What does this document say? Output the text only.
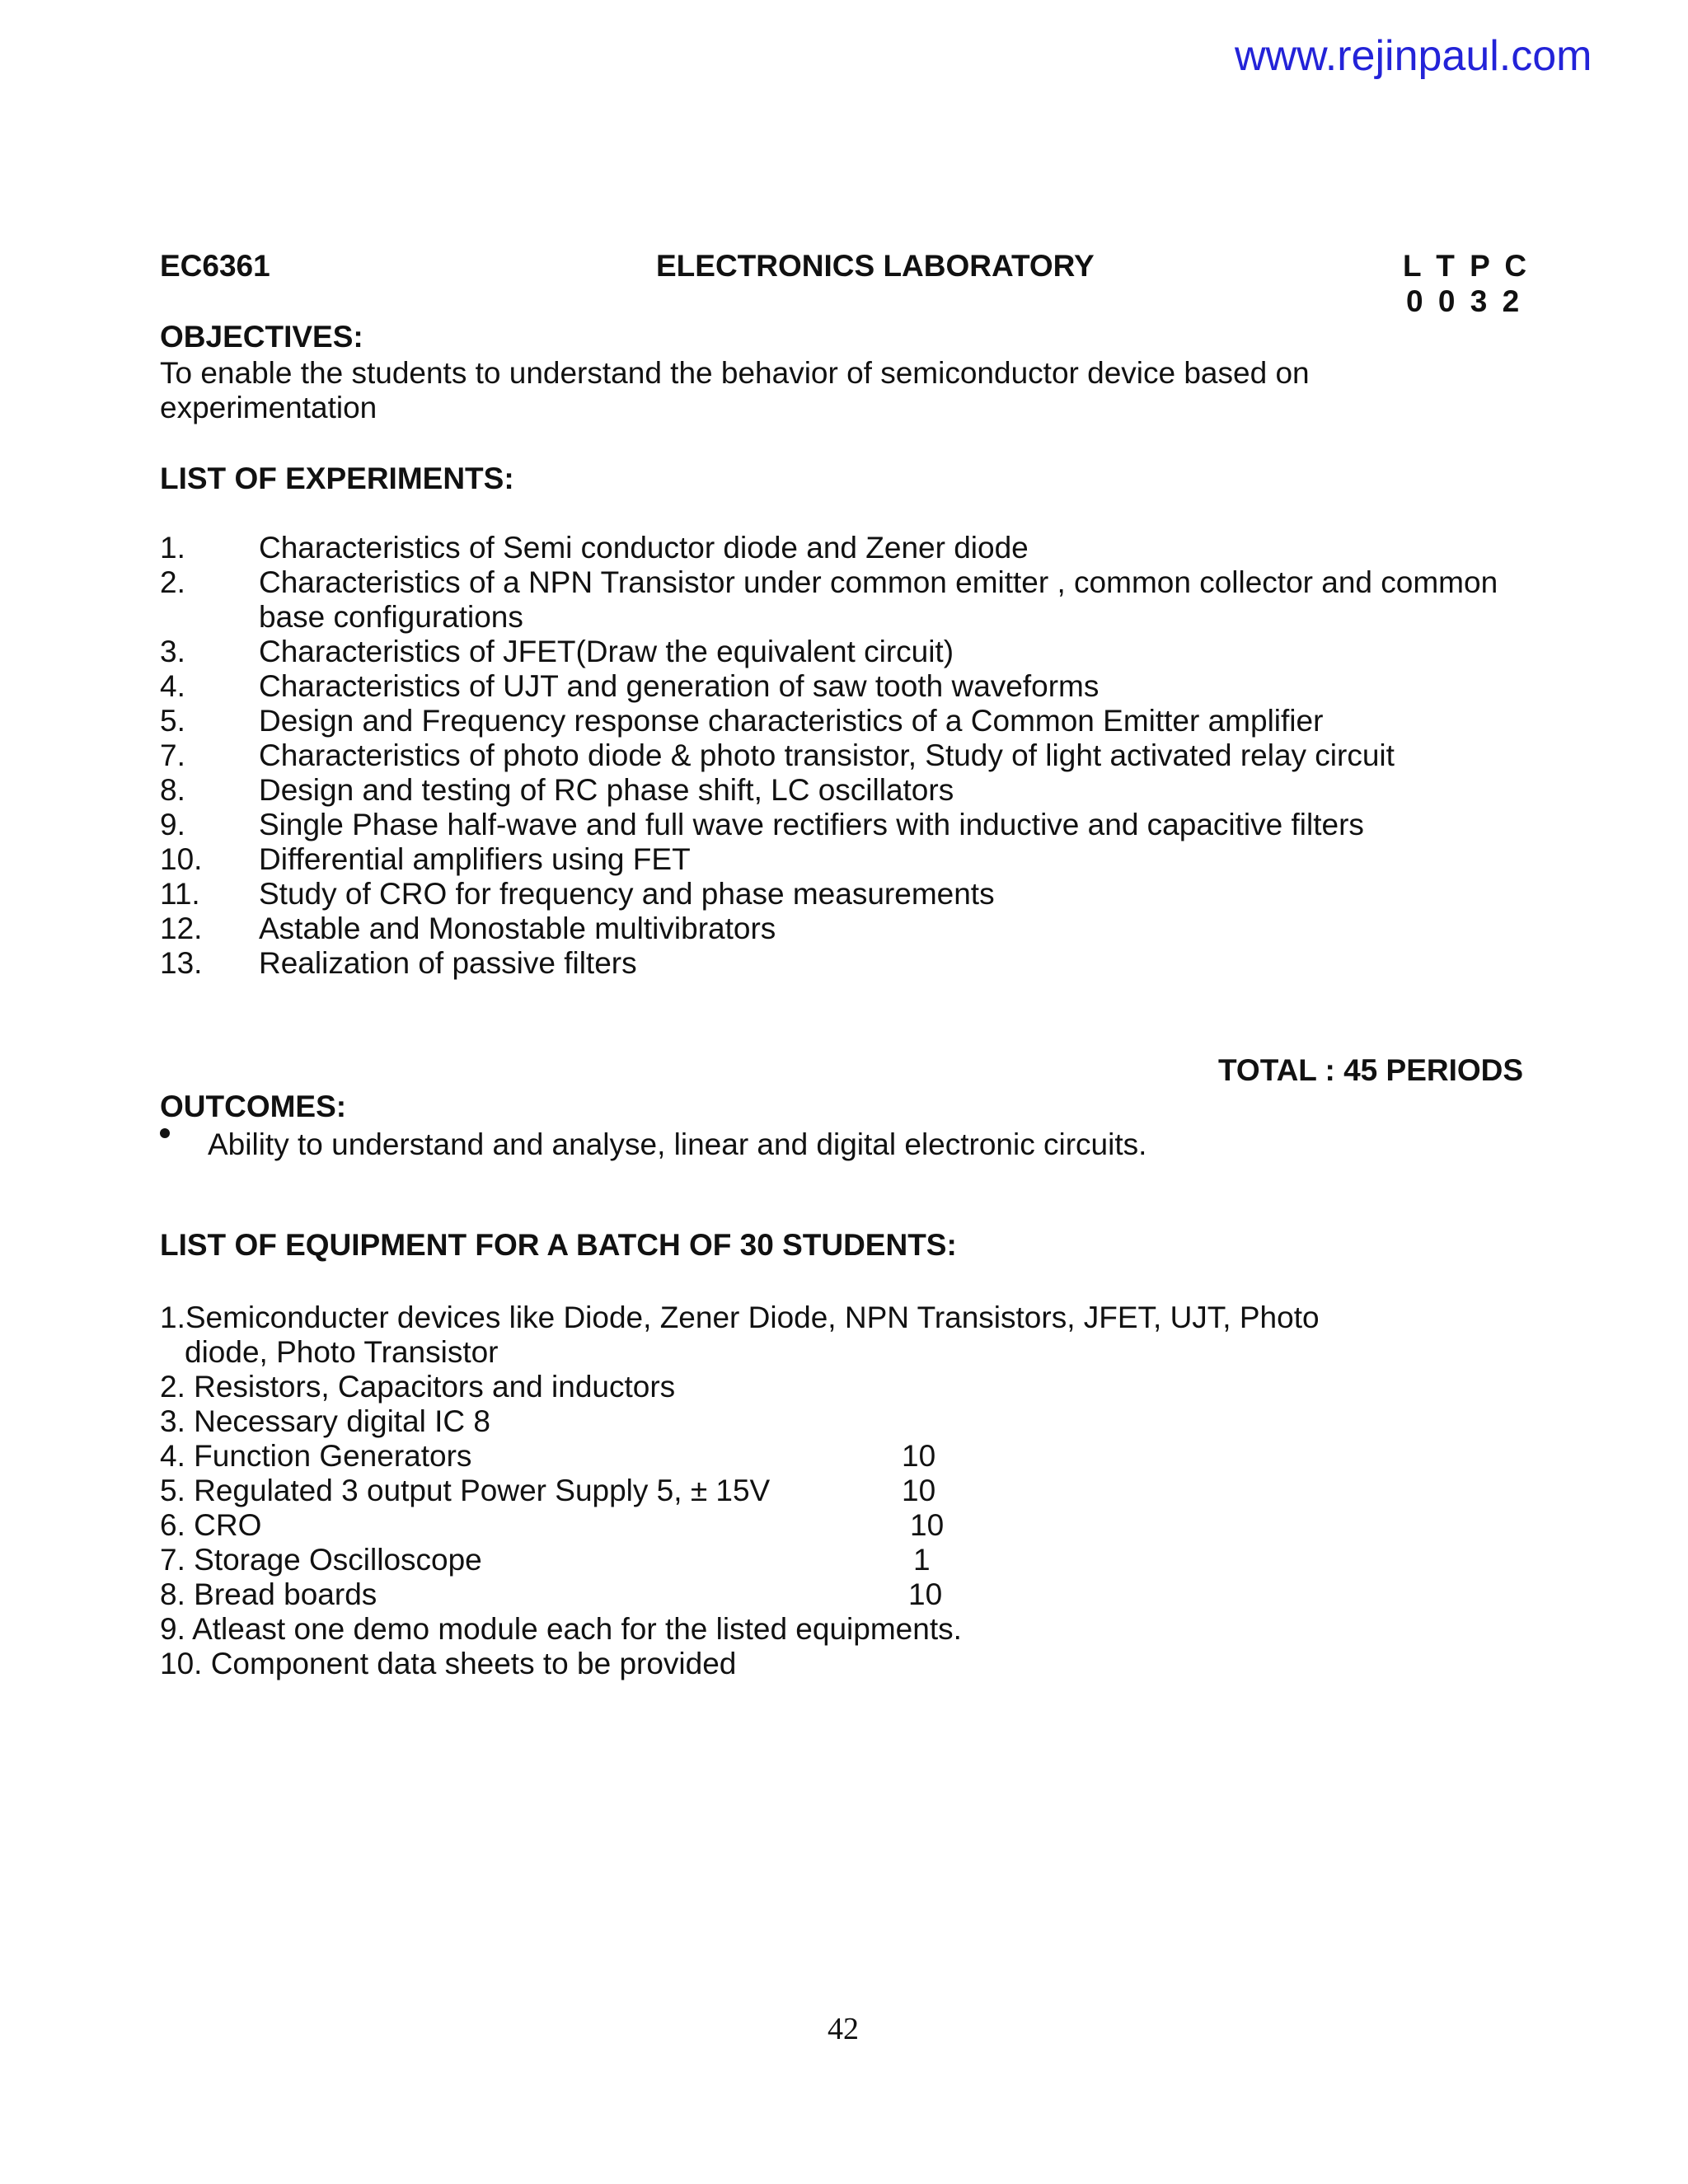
www.rejinpaul.com
EC6361	ELECTRONICS LABORATORY	L T P C
0 0 3 2
OBJECTIVES:
To enable the students to understand the behavior of semiconductor device based on
experimentation
LIST OF EXPERIMENTS:
1. Characteristics of Semi conductor diode and Zener diode
2. Characteristics of a NPN Transistor under common emitter , common collector and common
base configurations
3. Characteristics of JFET(Draw the equivalent circuit)
4. Characteristics of UJT and generation of saw tooth waveforms
5. Design and Frequency response characteristics of a Common Emitter amplifier
7. Characteristics of photo diode & photo transistor, Study of light activated relay circuit
8. Design and testing of RC phase shift, LC oscillators
9. Single Phase half-wave and full wave rectifiers with inductive and capacitive filters
10. Differential amplifiers using FET
11. Study of CRO for frequency and phase measurements
12. Astable and Monostable multivibrators
13. Realization of passive filters
TOTAL : 45 PERIODS
OUTCOMES:
Ability to understand and analyse, linear and digital electronic circuits.
LIST OF EQUIPMENT FOR A BATCH OF 30 STUDENTS:
1.Semiconducter devices like Diode, Zener Diode, NPN Transistors, JFET, UJT, Photo
diode, Photo Transistor
2. Resistors, Capacitors and inductors
3. Necessary digital IC 8
4. Function Generators	10
5. Regulated 3 output Power Supply 5, ± 15V	10
6. CRO	10
7. Storage Oscilloscope	1
8. Bread boards	10
9. Atleast one demo module each for the listed equipments.
10. Component data sheets to be provided
42
